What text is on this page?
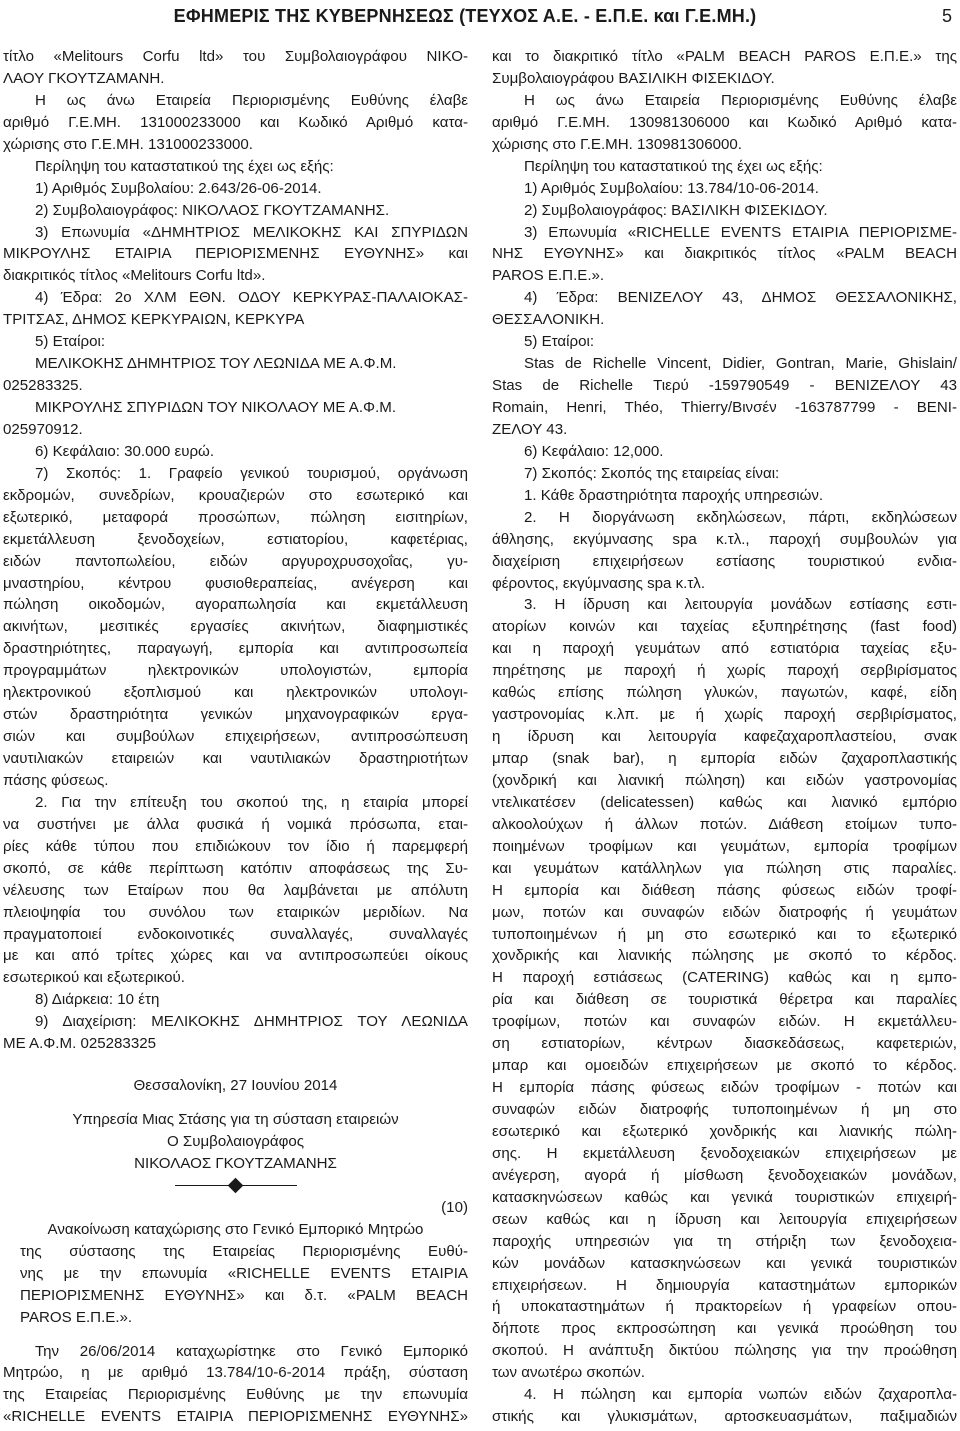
ΕΦΗΜΕΡΙΣ ΤΗΣ ΚΥΒΕΡΝΗΣΕΩΣ (ΤΕΥΧΟΣ Α.Ε. - Ε.Π.Ε. και Γ.Ε.ΜΗ.)	5
τίτλο «Melitours Corfu ltd» του Συμβολαιογράφου ΝΙΚΟ-
ΛΑΟΥ ΓΚΟΥΤΖΑΜΑΝΗ.
Η ως άνω Εταιρεία Περιορισμένης Ευθύνης έλαβε
αριθμό Γ.Ε.ΜΗ. 131000233000 και Κωδικό Αριθμό κατα-
χώρισης στο Γ.Ε.ΜΗ. 131000233000.
Περίληψη του καταστατικού της έχει ως εξής:
1) Αριθμός Συμβολαίου: 2.643/26-06-2014.
2) Συμβολαιογράφος: ΝΙΚΟΛΑΟΣ ΓΚΟΥΤΖΑΜΑΝΗΣ.
3) Επωνυμία «ΔΗΜΗΤΡΙΟΣ ΜΕΛΙΚΟΚΗΣ ΚΑΙ ΣΠΥΡΙΔΩΝ
ΜΙΚΡΟΥΛΗΣ ΕΤΑΙΡΙΑ ΠΕΡΙΟΡΙΣΜΕΝΗΣ ΕΥΘΥΝΗΣ» και
διακριτικός τίτλος «Melitours Corfu ltd».
4) Έδρα: 2ο ΧΛΜ ΕΘΝ. ΟΔΟΥ ΚΕΡΚΥΡΑΣ-ΠΑΛΑΙΟΚΑΣ-
ΤΡΙΤΣΑΣ, ΔΗΜΟΣ ΚΕΡΚΥΡΑΙΩΝ, ΚΕΡΚΥΡΑ
5) Εταίροι:
ΜΕΛΙΚΟΚΗΣ ΔΗΜΗΤΡΙΟΣ ΤΟΥ ΛΕΩΝΙΔΑ ΜΕ Α.Φ.Μ.
025283325.
ΜΙΚΡΟΥΛΗΣ ΣΠΥΡΙΔΩΝ ΤΟΥ ΝΙΚΟΛΑΟΥ ΜΕ Α.Φ.Μ.
025970912.
6) Κεφάλαιο: 30.000 ευρώ.
7) Σκοπός: 1. Γραφείο γενικού τουρισμού, οργάνωση
εκδρομών, συνεδρίων, κρουαζιερών στο εσωτερικό και
εξωτερικό, μεταφορά προσώπων, πώληση εισιτηρίων,
εκμετάλλευση ξενοδοχείων, εστιατορίου, καφετέριας,
ειδών παντοπωλείου, ειδών αργυροχρυσοχοΐας, γυ-
μναστηρίου, κέντρου φυσιοθεραπείας, ανέγερση και
πώληση οικοδομών, αγοραπωλησία και εκμετάλλευση
ακινήτων, μεσιτικές εργασίες ακινήτων, διαφημιστικές
δραστηριότητες, παραγωγή, εμπορία και αντιπροσωπεία
προγραμμάτων ηλεκτρονικών υπολογιστών, εμπορία
ηλεκτρονικού εξοπλισμού και ηλεκτρονικών υπολογι-
στών δραστηριότητα γενικών μηχανογραφικών εργα-
σιών και συμβούλων επιχειρήσεων, αντιπροσώπευση
ναυτιλιακών εταιρειών και ναυτιλιακών δραστηριοτήτων
πάσης φύσεως.
2. Για την επίτευξη του σκοπού της, η εταιρία μπορεί
να συστήνει με άλλα φυσικά ή νομικά πρόσωπα, εται-
ρίες κάθε τύπου που επιδιώκουν τον ίδιο ή παρεμφερή
σκοπό, σε κάθε περίπτωση κατόπιν αποφάσεως της Συ-
νέλευσης των Εταίρων που θα λαμβάνεται με απόλυτη
πλειοψηφία του συνόλου των εταιρικών μεριδίων. Να
πραγματοποιεί ενδοκοινοτικές συναλλαγές, συναλλαγές
με και από τρίτες χώρες και να αντιπροσωπεύει οίκους
εσωτερικού και εξωτερικού.
8) Διάρκεια: 10 έτη
9) Διαχείριση: ΜΕΛΙΚΟΚΗΣ ΔΗΜΗΤΡΙΟΣ ΤΟΥ ΛΕΩΝΙΔΑ
ΜΕ Α.Φ.Μ. 025283325
Θεσσαλονίκη, 27 Ιουνίου 2014
Υπηρεσία Μιας Στάσης για τη σύσταση εταιρειών
Ο Συμβολαιογράφος
ΝΙΚΟΛΑΟΣ ΓΚΟΥΤΖΑΜΑΝΗΣ
(10)
Ανακοίνωση καταχώρισης στο Γενικό Εμπορικό Μητρώο
της σύστασης της Εταιρείας Περιορισμένης Ευθύ-
νης με την επωνυμία «RICHELLE EVENTS ΕΤΑΙΡΙΑ
ΠΕΡΙΟΡΙΣΜΕΝΗΣ ΕΥΘΥΝΗΣ» και δ.τ. «PALM BEACH
PAROS Ε.Π.Ε.».
Την 26/06/2014 καταχωρίστηκε στο Γενικό Εμπορικό
Μητρώο, η με αριθμό 13.784/10-6-2014 πράξη, σύσταση
της Εταιρείας Περιορισμένης Ευθύνης με την επωνυμία
«RICHELLE EVENTS ΕΤΑΙΡΙΑ ΠΕΡΙΟΡΙΣΜΕΝΗΣ ΕΥΘΥΝΗΣ»
και το διακριτικό τίτλο «PALM BEACH PAROS Ε.Π.Ε.» της
Συμβολαιογράφου ΒΑΣΙΛΙΚΗ ΦΙΣΕΚΙΔΟΥ.
Η ως άνω Εταιρεία Περιορισμένης Ευθύνης έλαβε
αριθμό Γ.Ε.ΜΗ. 130981306000 και Κωδικό Αριθμό κατα-
χώρισης στο Γ.Ε.ΜΗ. 130981306000.
Περίληψη του καταστατικού της έχει ως εξής:
1) Αριθμός Συμβολαίου: 13.784/10-06-2014.
2) Συμβολαιογράφος: ΒΑΣΙΛΙΚΗ ΦΙΣΕΚΙΔΟΥ.
3) Επωνυμία «RICHELLE EVENTS ΕΤΑΙΡΙΑ ΠΕΡΙΟΡΙΣΜΕ-
ΝΗΣ ΕΥΘΥΝΗΣ» και διακριτικός τίτλος «PALM BEACH
PAROS Ε.Π.Ε.».
4) Έδρα: ΒΕΝΙΖΕΛΟΥ 43, ΔΗΜΟΣ ΘΕΣΣΑΛΟΝΙΚΗΣ,
ΘΕΣΣΑΛΟΝΙΚΗ.
5) Εταίροι:
Stas de Richelle Vincent, Didier, Gontran, Marie, Ghislain/
Stas de Richelle Τιερύ -159790549 - ΒΕΝΙΖΕΛΟΥ 43
Romain, Henri, Théo, Thierry/Βινσέν -163787799 - ΒΕΝΙ-
ΖΕΛΟΥ 43.
6) Κεφάλαιο: 12,000.
7) Σκοπός: Σκοπός της εταιρείας είναι:
1. Κάθε δραστηριότητα παροχής υπηρεσιών.
2. Η διοργάνωση εκδηλώσεων, πάρτι, εκδηλώσεων
άθλησης, εκγύμνασης spa κ.τλ., παροχή συμβουλών για
διαχείριση επιχειρήσεων εστίασης τουριστικού ενδια-
φέροντος, εκγύμνασης spa κ.τλ.
3. Η ίδρυση και λειτουργία μονάδων εστίασης εστι-
ατορίων κοινών και ταχείας εξυπηρέτησης (fast food)
και η παροχή γευμάτων από εστιατόρια ταχείας εξυ-
πηρέτησης με παροχή ή χωρίς παροχή σερβιρίσματος
καθώς επίσης πώληση γλυκών, παγωτών, καφέ, είδη
γαστρονομίας κ.λπ. με ή χωρίς παροχή σερβιρίσματος,
η ίδρυση και λειτουργία καφεζαχαροπλαστείου, σνακ
μπαρ (snak bar), η εμπορία ειδών ζαχαροπλαστικής
(χονδρική και λιανική πώληση) και ειδών γαστρονομίας
ντελικατέσεν (delicatessen) καθώς και λιανικό εμπόριο
αλκοολούχων ή άλλων ποτών. Διάθεση ετοίμων τυπο-
ποιημένων τροφίμων και γευμάτων, εμπορία τροφίμων
και γευμάτων κατάλληλων για πώληση στις παραλίες.
Η εμπορία και διάθεση πάσης φύσεως ειδών τροφί-
μων, ποτών και συναφών ειδών διατροφής ή γευμάτων
τυποποιημένων ή μη στο εσωτερικό και το εξωτερικό
χονδρικής και λιανικής πώλησης με σκοπό το κέρδος.
Η παροχή εστιάσεως (CATERING) καθώς και η εμπο-
ρία και διάθεση σε τουριστικά θέρετρα και παραλίες
τροφίμων, ποτών και συναφών ειδών. Η εκμετάλλευ-
ση εστιατορίων, κέντρων διασκεδάσεως, καφετεριών,
μπαρ και ομοειδών επιχειρήσεων με σκοπό το κέρδος.
Η εμπορία πάσης φύσεως ειδών τροφίμων - ποτών και
συναφών ειδών διατροφής τυποποιημένων ή μη στο
εσωτερικό και εξωτερικό χονδρικής και λιανικής πώλη-
σης. Η εκμετάλλευση ξενοδοχειακών επιχειρήσεων με
ανέγερση, αγορά ή μίσθωση ξενοδοχειακών μονάδων,
κατασκηνώσεων καθώς και γενικά τουριστικών επιχειρή-
σεων καθώς και η ίδρυση και λειτουργία επιχειρήσεων
παροχής υπηρεσιών για τη στήριξη των ξενοδοχεια-
κών μονάδων κατασκηνώσεων και γενικά τουριστικών
επιχειρήσεων. Η δημιουργία καταστημάτων εμπορικών
ή υποκαταστημάτων ή πρακτορείων ή γραφείων οπου-
δήποτε προς εκπροσώπηση και γενικά προώθηση του
σκοπού. Η ανάπτυξη δικτύου πώλησης για την προώθηση
των ανωτέρω σκοπών.
4. Η πώληση και εμπορία νωπών ειδών ζαχαροπλα-
στικής και γλυκισμάτων, αρτοσκευασμάτων, παξιμαδιών
